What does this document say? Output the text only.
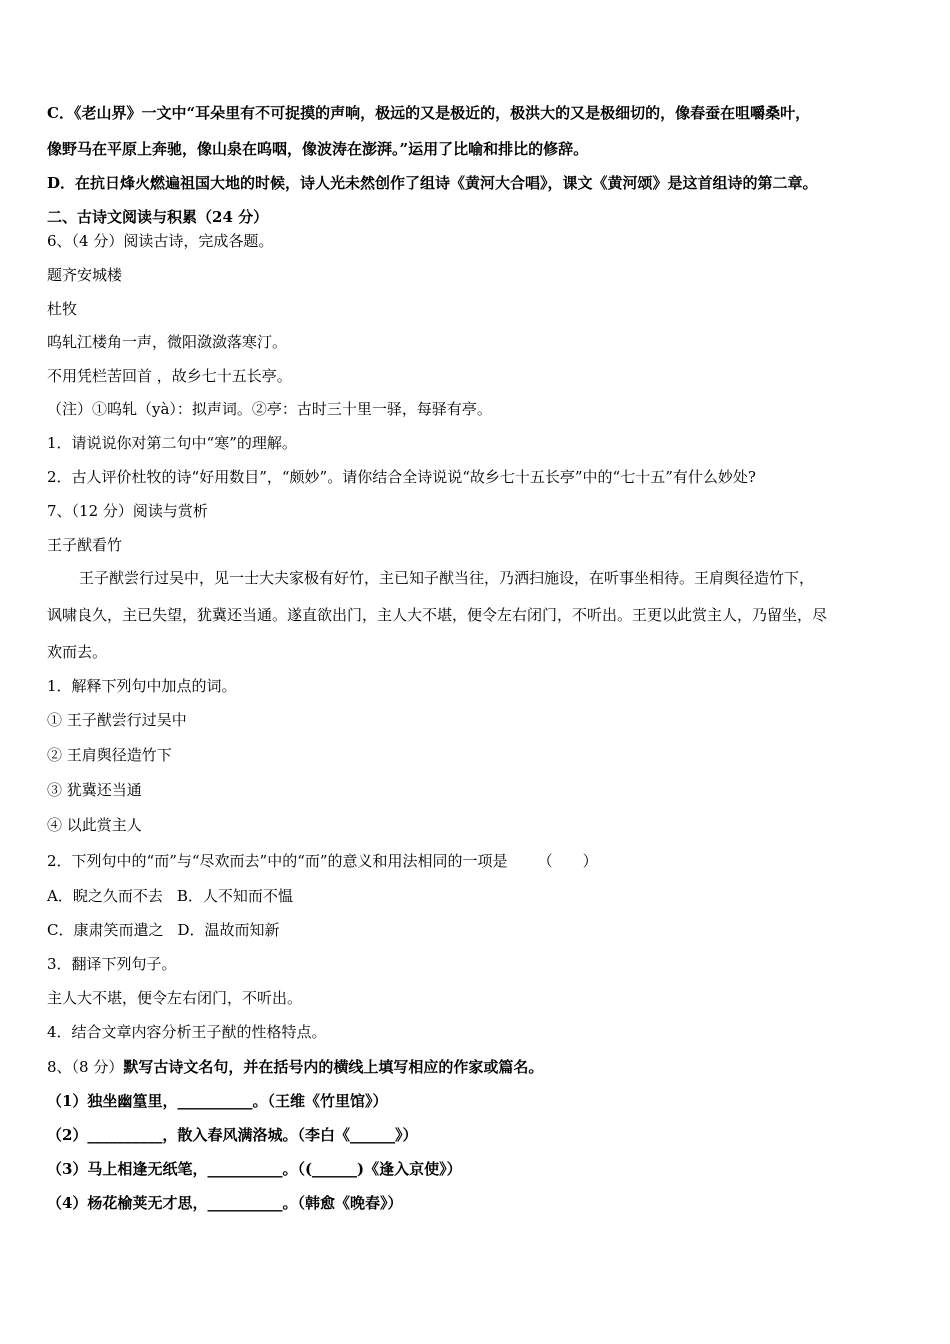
C．《老山界》一文中“耳朵里有不可捉摸的声响，极远的又是极近的，极洪大的又是极细切的，像春蚕在咀嚼桑叶，
像野马在平原上奔驰，像山泉在呜咽，像波涛在澎湃。”运用了比喻和排比的修辞。
D．在抗日烽火燃遍祖国大地的时候，诗人光未然创作了组诗《黄河大合唱》，课文《黄河颂》是这首组诗的第二章。
二、古诗文阅读与积累（24 分）
6、（4 分）阅读古诗，完成各题。
题齐安城楼
杜牧
呜轧江楼角一声，微阳潋潋落寒汀。
不用凭栏苦回首 ，故乡七十五长亭。
（注）①呜轧（yà）：拟声词。②亭：古时三十里一驿，每驿有亭。
1．请说说你对第二句中“寒”的理解。
2．古人评价杜牧的诗“好用数目”，“颇妙”。请你结合全诗说说“故乡七十五长亭”中的“七十五”有什么妙处?
7、（12 分）阅读与赏析
王子猷看竹
王子猷尝行过吴中，见一士大夫家极有好竹，主已知子猷当往，乃洒扫施设，在听事坐相待。王肩舆径造竹下，
讽啸良久，主已失望，犹冀还当通。遂直欲出门，主人大不堪，便令左右闭门，不听出。王更以此赏主人，乃留坐，尽
欢而去。
1．解释下列句中加点的词。
① 王子猷尝行过吴中
② 王肩舆径造竹下
③ 犹冀还当通
④ 以此赏主人
2．下列句中的“而”与“尽欢而去”中的“而”的意义和用法相同的一项是 （　　）
A．睨之久而不去 B．人不知而不愠
C．康肃笑而遣之 D．温故而知新
3．翻译下列句子。
主人大不堪，便令左右闭门，不听出。
4．结合文章内容分析王子猷的性格特点。
8、（8 分）默写古诗文名句，并在括号内的横线上填写相应的作家或篇名。
（1）独坐幽篁里，__________。（王维《竹里馆》）
（2）__________，散入春风满洛城。（李白《______》）
（3）马上相逢无纸笔，__________。（(______)《逢入京使》）
（4）杨花榆荚无才思，__________。（韩愈《晚春》）
